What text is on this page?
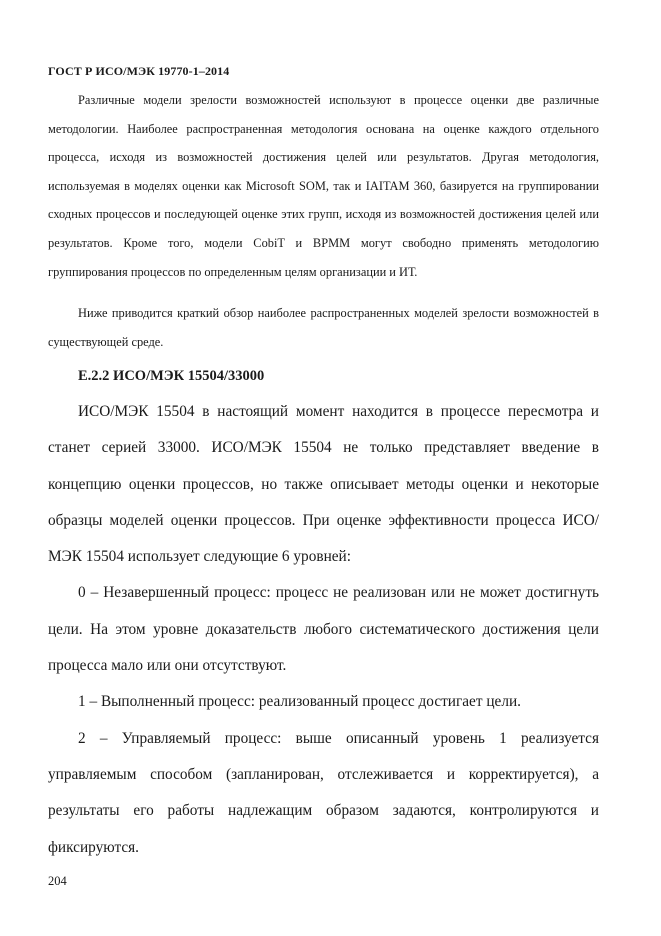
ГОСТ Р ИСО/МЭК 19770-1–2014

Различные модели зрелости возможностей используют в процессе оценки две различные методологии. Наиболее распространенная методология основана на оценке каждого отдельного процесса, исходя из возможностей достижения целей или результатов. Другая методология, используемая в моделях оценки как Microsoft SOM, так и IAITAM 360, базируется на группировании сходных процессов и последующей оценке этих групп, исходя из возможностей достижения целей или результатов. Кроме того, модели CobiT и BPMM могут свободно применять методологию группирования процессов по определенным целям организации и ИТ.

Ниже приводится краткий обзор наиболее распространенных моделей зрелости возможностей в существующей среде.

Е.2.2 ИСО/МЭК 15504/33000

ИСО/МЭК 15504 в настоящий момент находится в процессе пересмотра и станет серией 33000. ИСО/МЭК 15504 не только представляет введение в концепцию оценки процессов, но также описывает методы оценки и некоторые образцы моделей оценки процессов. При оценке эффективности процесса ИСО/МЭК 15504 использует следующие 6 уровней:

0 – Незавершенный процесс: процесс не реализован или не может достигнуть цели. На этом уровне доказательств любого систематического достижения цели процесса мало или они отсутствуют.

1 – Выполненный процесс: реализованный процесс достигает цели.

2 – Управляемый процесс: выше описанный уровень 1 реализуется управляемым способом (запланирован, отслеживается и корректируется), а результаты его работы надлежащим образом задаются, контролируются и фиксируются.

204
